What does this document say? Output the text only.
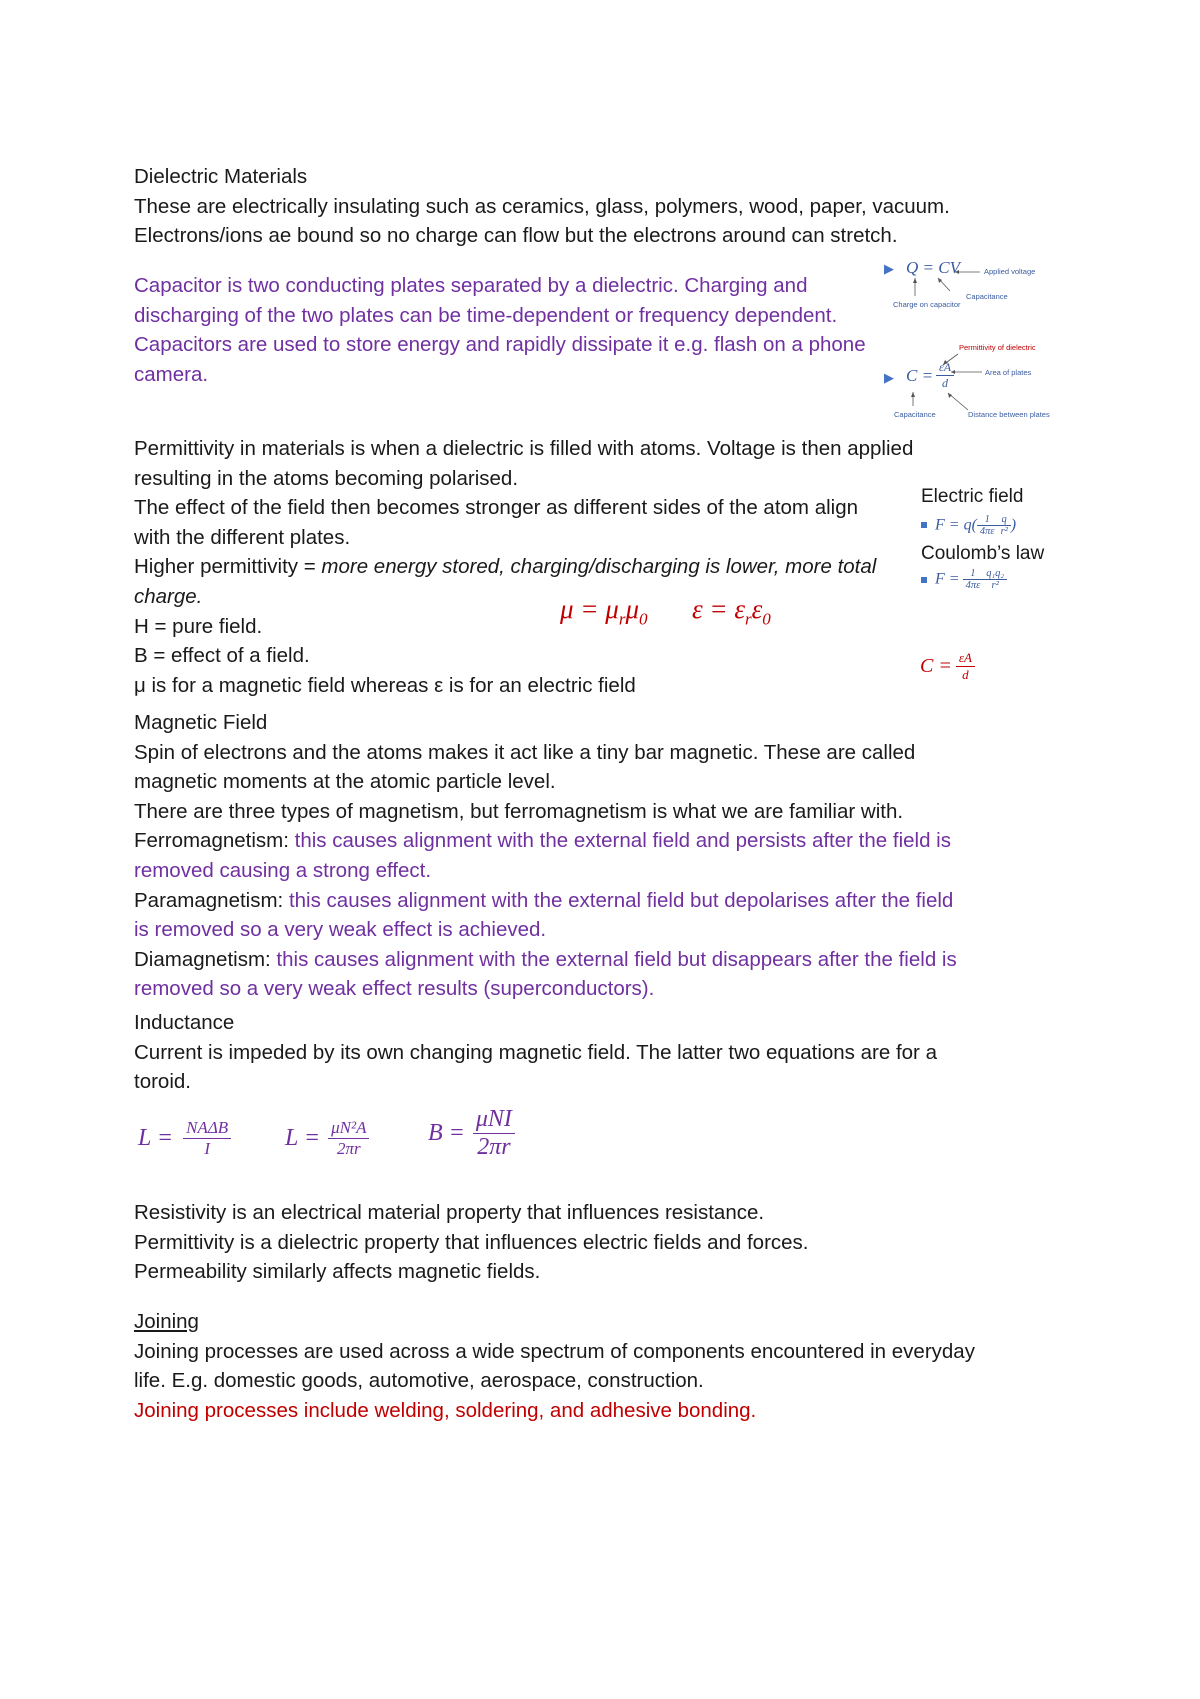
Dielectric Materials

These are electrically insulating such as ceramics, glass, polymers, wood, paper, vacuum.

Electrons/ions ae bound so no charge can flow but the electrons around can stretch.

Capacitor is two conducting plates separated by a dielectric. Charging and

discharging of the two plates can be time-dependent or frequency dependent.

Capacitors are used to store energy and rapidly dissipate it e.g. flash on a phone

camera.

▶ Q = CV	Applied voltage
Charge on capacitor
Capacitance
Permittivity of dielectric
▶ $C = \frac{\varepsilon A}{d}$	Area of plates
Capacitance	Distance between plates

Permittivity in materials is when a dielectric is filled with atoms. Voltage is then applied

resulting in the atoms becoming polarised.

The effect of the field then becomes stronger as different sides of the atom align

with the different plates.

Higher permittivity = more energy stored, charging/discharging is lower, more total

charge.

H = pure field.

B = effect of a field.

μ is for a magnetic field whereas ε is for an electric field

$\mu = \mu_r\mu_0$ $\varepsilon = \varepsilon_r\varepsilon_0$

Electric field

$F = q( \frac{1}{4\pi\varepsilon} \frac{q}{\text{r²}}$ )

Coulomb’s law

$F = \frac{1}{4\pi\varepsilon} \frac{\text{q₁q₂}}{\text{r²}}$
$C = \frac{\varepsilon A}{d}$

Magnetic Field

Spin of electrons and the atoms makes it act like a tiny bar magnetic. These are called

magnetic moments at the atomic particle level.

There are three types of magnetism, but ferromagnetism is what we are familiar with.

Ferromagnetism: this causes alignment with the external field and persists after the field is

removed causing a strong effect.

Paramagnetism: this causes alignment with the external field but depolarises after the field

is removed so a very weak effect is achieved.

Diamagnetism: this causes alignment with the external field but disappears after the field is

removed so a very weak effect results (superconductors).

Inductance

Current is impeded by its own changing magnetic field. The latter two equations are for a

toroid.

$L = \frac{\text{NAΔB}}{I}$ $L = \frac{\text{μN²A}}{2\pi r}$ $B = \frac{\text{μNI}}{2\pi r}$

Resistivity is an electrical material property that influences resistance.

Permittivity is a dielectric property that influences electric fields and forces.

Permeability similarly affects magnetic fields.

Joining

Joining processes are used across a wide spectrum of components encountered in everyday

life. E.g. domestic goods, automotive, aerospace, construction.

Joining processes include welding, soldering, and adhesive bonding.
